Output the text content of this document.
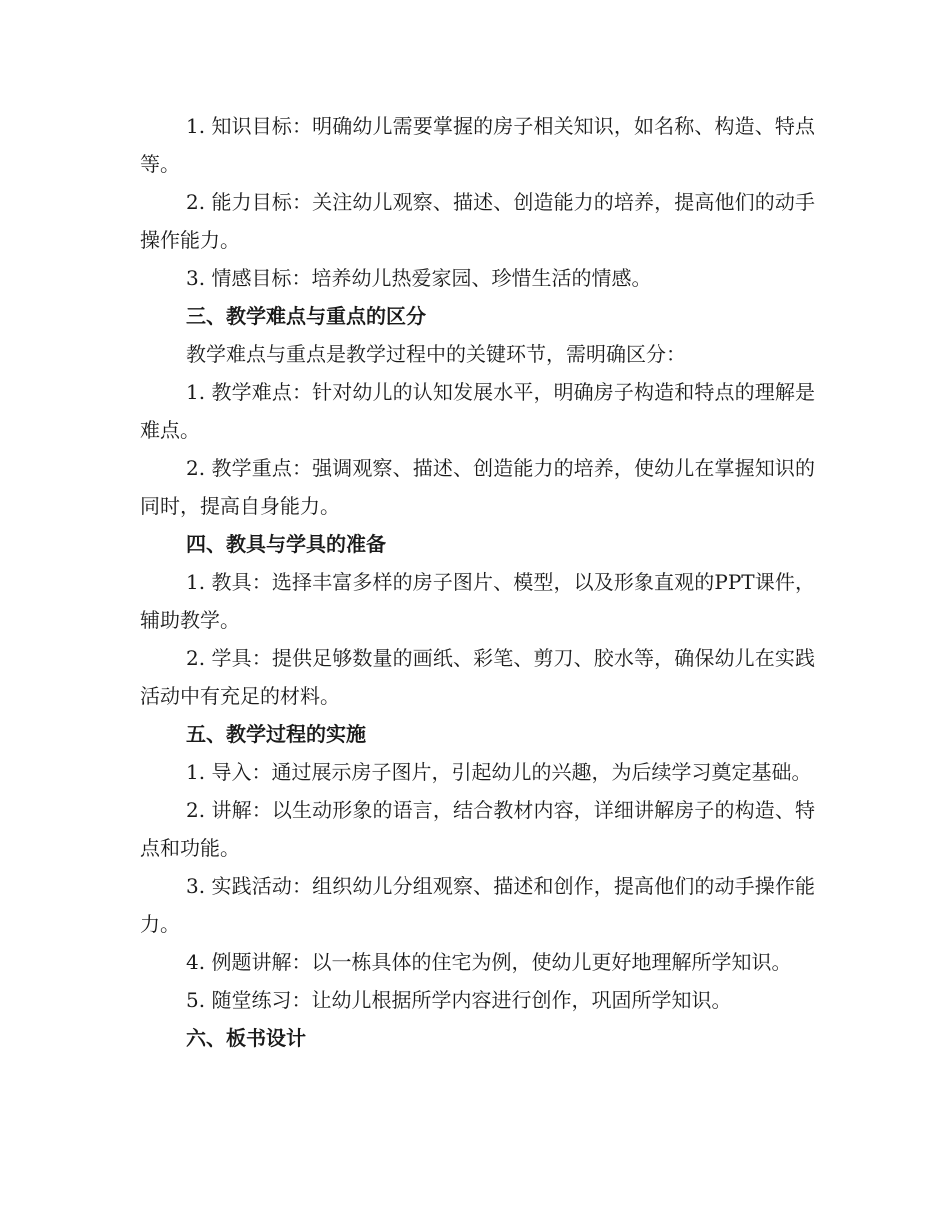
1. 知识目标：明确幼儿需要掌握的房子相关知识，如名称、构造、特点等。

2. 能力目标：关注幼儿观察、描述、创造能力的培养，提高他们的动手操作能力。

3. 情感目标：培养幼儿热爱家园、珍惜生活的情感。

三、教学难点与重点的区分

教学难点与重点是教学过程中的关键环节，需明确区分：

1. 教学难点：针对幼儿的认知发展水平，明确房子构造和特点的理解是难点。

2. 教学重点：强调观察、描述、创造能力的培养，使幼儿在掌握知识的同时，提高自身能力。

四、教具与学具的准备

1. 教具：选择丰富多样的房子图片、模型，以及形象直观的PPT课件，辅助教学。

2. 学具：提供足够数量的画纸、彩笔、剪刀、胶水等，确保幼儿在实践活动中有充足的材料。

五、教学过程的实施

1. 导入：通过展示房子图片，引起幼儿的兴趣，为后续学习奠定基础。

2. 讲解：以生动形象的语言，结合教材内容，详细讲解房子的构造、特点和功能。

3. 实践活动：组织幼儿分组观察、描述和创作，提高他们的动手操作能力。

4. 例题讲解：以一栋具体的住宅为例，使幼儿更好地理解所学知识。

5. 随堂练习：让幼儿根据所学内容进行创作，巩固所学知识。

六、板书设计
